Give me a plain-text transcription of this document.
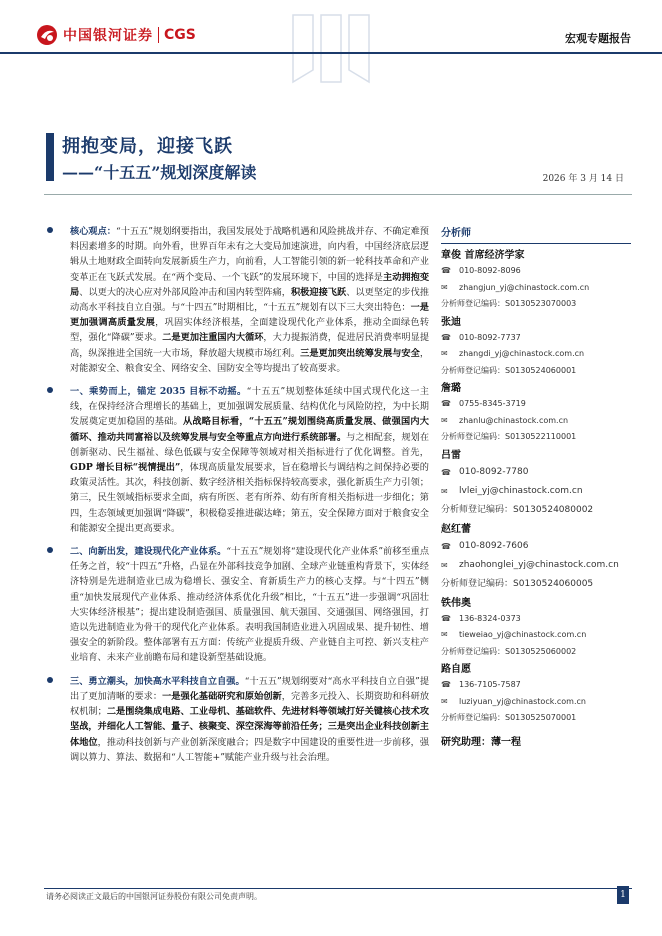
中国银河证券 CGS	宏观专题报告
拥抱变局，迎接飞跃
——“十五五”规划深度解读	2026 年 3 月 14 日

核心观点：“十五五”规划纲要指出，我国发展处于战略机遇和风险挑战并存、不确定难预料因素增多的时期。向外看，世界百年未有之大变局加速演进，向内看，中国经济底层逻辑从土地财政全面转向发展新质生产力，向前看，人工智能引领的新一轮科技革命和产业变革正在飞跃式发展。在“两个变局、一个飞跃”的发展环境下，中国的选择是主动拥抱变局、以更大的决心应对外部风险冲击和国内转型阵痛，积极迎接飞跃、以更坚定的步伐推动高水平科技自立自强。与“十四五”时期相比，“十五五”规划有以下三大突出特色：一是更加强调高质量发展，巩固实体经济根基，全面建设现代化产业体系，推动全面绿色转型，强化“降碳”要求。二是更加注重国内大循环，大力提振消费，促进居民消费率明显提高，纵深推进全国统一大市场，释放超大规模市场红利。三是更加突出统筹发展与安全，对能源安全、粮食安全、网络安全、国防安全等均提出了较高要求。

一、乘势而上，锚定 2035 目标不动摇。“十五五”规划整体延续中国式现代化这一主线，在保持经济合理增长的基础上，更加强调发展质量、结构优化与风险防控，为中长期发展奠定更加稳固的基础。从战略目标看，“十五五”规划围绕高质量发展、做强国内大循环、推动共同富裕以及统筹发展与安全等重点方向进行系统部署。与之相配套，规划在创新驱动、民生福祉、绿色低碳与安全保障等领域对相关指标进行了优化调整。首先，GDP 增长目标“视情提出”，体现高质量发展要求，旨在稳增长与调结构之间保持必要的政策灵活性。其次，科技创新、数字经济相关指标保持较高要求，强化新质生产力引领；第三，民生领域指标要求全面，病有所医、老有所养、幼有所育相关指标进一步细化；第四，生态领域更加强调“降碳”，积极稳妥推进碳达峰；第五，安全保障方面对于粮食安全和能源安全提出更高要求。

二、向新出发，建设现代化产业体系。“十五五”规划将“建设现代化产业体系”前移至重点任务之首，较“十四五”升格，凸显在外部科技竞争加剧、全球产业链重构背景下，实体经济特别是先进制造业已成为稳增长、强安全、育新质生产力的核心支撑。与“十四五”侧重“加快发展现代产业体系、推动经济体系优化升级”相比，“十五五”进一步强调“巩固壮大实体经济根基”；提出建设制造强国、质量强国、航天强国、交通强国、网络强国，打造以先进制造业为骨干的现代化产业体系。表明我国制造业进入巩固成果、提升韧性、增强安全的新阶段。整体部署有五方面：传统产业提质升级、产业链自主可控、新兴支柱产业培育、未来产业前瞻布局和建设新型基础设施。

三、勇立潮头，加快高水平科技自立自强。“十五五”规划纲要对“高水平科技自立自强”提出了更加清晰的要求：一是强化基础研究和原始创新，完善多元投入、长期资助和科研放权机制；二是围绕集成电路、工业母机、基础软件、先进材料等领域打好关键核心技术攻坚战，并细化人工智能、量子、核聚变、深空深海等前沿任务；三是突出企业科技创新主体地位，推动科技创新与产业创新深度融合；四是数字中国建设的重要性进一步前移，强调以算力、算法、数据和“人工智能+”赋能产业升级与社会治理。

分析师
章俊 首席经济学家
☎	010-8092-8096
✉	zhangjun_yj@chinastock.com.cn
分析师登记编码：S0130523070003
张迪
☎	010-8092-7737
✉	zhangdi_yj@chinastock.com.cn
分析师登记编码：S0130524060001
詹璐
☎	0755-8345-3719
✉	zhanlu@chinastock.com.cn
分析师登记编码：S0130522110001
吕雷
☎ 010-8092-7780
✉	lvlei_yj@chinastock.com.cn
分析师登记编码：S0130524080002
赵红蕾
☎ 010-8092-7606
✉	zhaohonglei_yj@chinastock.com.cn
分析师登记编码：S0130524060005
铁伟奥
☎	136-8324-0373
✉	tieweiao_yj@chinastock.com.cn
分析师登记编码：S0130525060002
路自愿
☎	136-7105-7587
✉	luziyuan_yj@chinastock.com.cn
分析师登记编码：S0130525070001
研究助理：薄一程
请务必阅读正文最后的中国银河证券股份有限公司免责声明。	1
